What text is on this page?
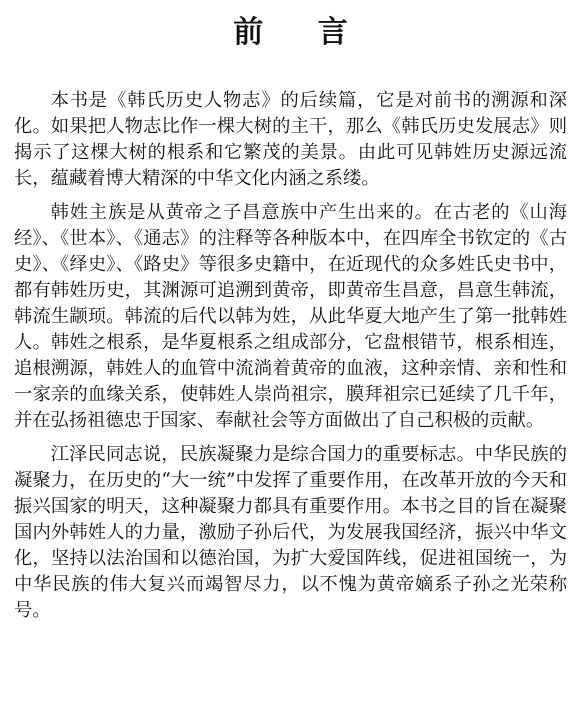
前 言

本书是《韩氏历史人物志》的后续篇，它是对前书的溯源和深化。如果把人物志比作一棵大树的主干，那么《韩氏历史发展志》则揭示了这棵大树的根系和它繁茂的美景。由此可见韩姓历史源远流长，蕴藏着博大精深的中华文化内涵之系缕。

韩姓主族是从黄帝之子昌意族中产生出来的。在古老的《山海经》、《世本》、《通志》的注释等各种版本中，在四库全书钦定的《古史》、《绎史》、《路史》等很多史籍中，在近现代的众多姓氏史书中，都有韩姓历史，其渊源可追溯到黄帝，即黄帝生昌意，昌意生韩流，韩流生颛顼。韩流的后代以韩为姓，从此华夏大地产生了第一批韩姓人。韩姓之根系，是华夏根系之组成部分，它盘根错节，根系相连，追根溯源，韩姓人的血管中流淌着黄帝的血液，这种亲情、亲和性和一家亲的血缘关系，使韩姓人崇尚祖宗，膜拜祖宗已延续了几千年，并在弘扬祖德忠于国家、奉献社会等方面做出了自己积极的贡献。

江泽民同志说，民族凝聚力是综合国力的重要标志。中华民族的凝聚力，在历史的“大一统”中发挥了重要作用，在改革开放的今天和振兴国家的明天，这种凝聚力都具有重要作用。本书之目的旨在凝聚国内外韩姓人的力量，激励子孙后代，为发展我国经济，振兴中华文化，坚持以法治国和以德治国，为扩大爱国阵线，促进祖国统一，为中华民族的伟大复兴而竭智尽力，以不愧为黄帝嫡系子孙之光荣称号。
